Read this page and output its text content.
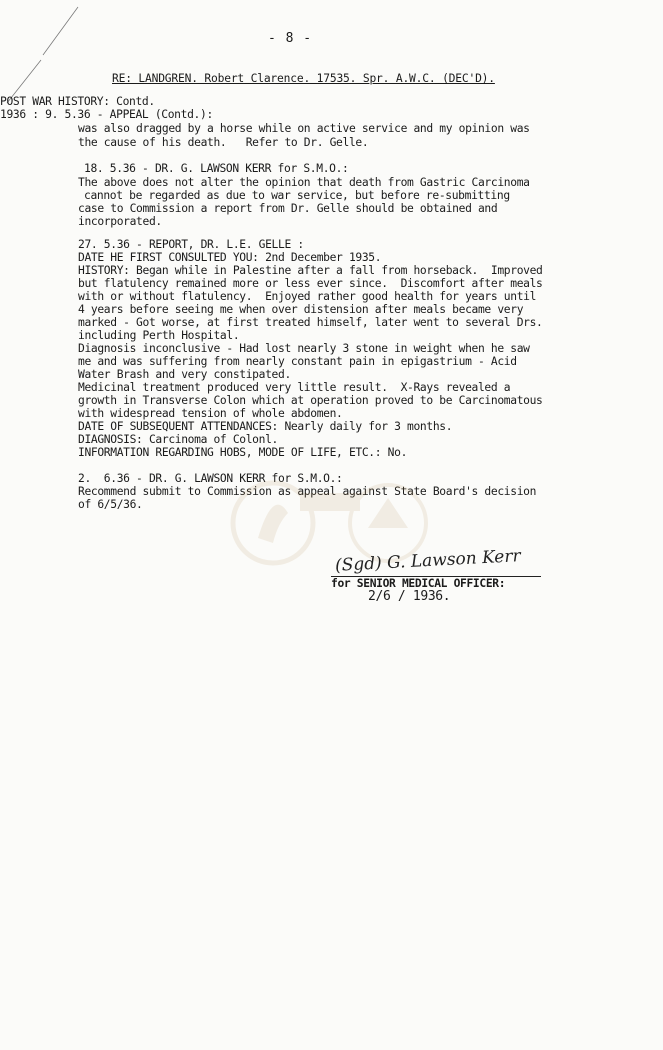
- 8 -
RE: LANDGREN. Robert Clarence. 17535. Spr. A.W.C. (DEC'D).
POST WAR HISTORY: Contd.
1936 : 9. 5.36 - APPEAL (Contd.):
was also dragged by a horse while on active service and my opinion was
the cause of his death.   Refer to Dr. Gelle.
18. 5.36 - DR. G. LAWSON KERR for S.M.O.:
The above does not alter the opinion that death from Gastric Carcinoma
cannot be regarded as due to war service, but before re-submitting
case to Commission a report from Dr. Gelle should be obtained and
incorporated.
27. 5.36 - REPORT, DR. L.E. GELLE :
DATE HE FIRST CONSULTED YOU: 2nd December 1935.
HISTORY: Began while in Palestine after a fall from horseback.  Improved
but flatulency remained more or less ever since.  Discomfort after meals
with or without flatulency.  Enjoyed rather good health for years until
4 years before seeing me when over distension after meals became very
marked - Got worse, at first treated himself, later went to several Drs.
including Perth Hospital.
Diagnosis inconclusive - Had lost nearly 3 stone in weight when he saw
me and was suffering from nearly constant pain in epigastrium - Acid
Water Brash and very constipated.
Medicinal treatment produced very little result.  X-Rays revealed a
growth in Transverse Colon which at operation proved to be Carcinomatous
with widespread tension of whole abdomen.
DATE OF SUBSEQUENT ATTENDANCES: Nearly daily for 3 months.
DIAGNOSIS: Carcinoma of Colonl.
INFORMATION REGARDING HOBS, MODE OF LIFE, ETC.: No.
2.  6.36 - DR. G. LAWSON KERR for S.M.O.:
Recommend submit to Commission as appeal against State Board's decision
of 6/5/36.
(Sgd) G. Lawson Kerr
for SENIOR MEDICAL OFFICER:
2/6 / 1936.
